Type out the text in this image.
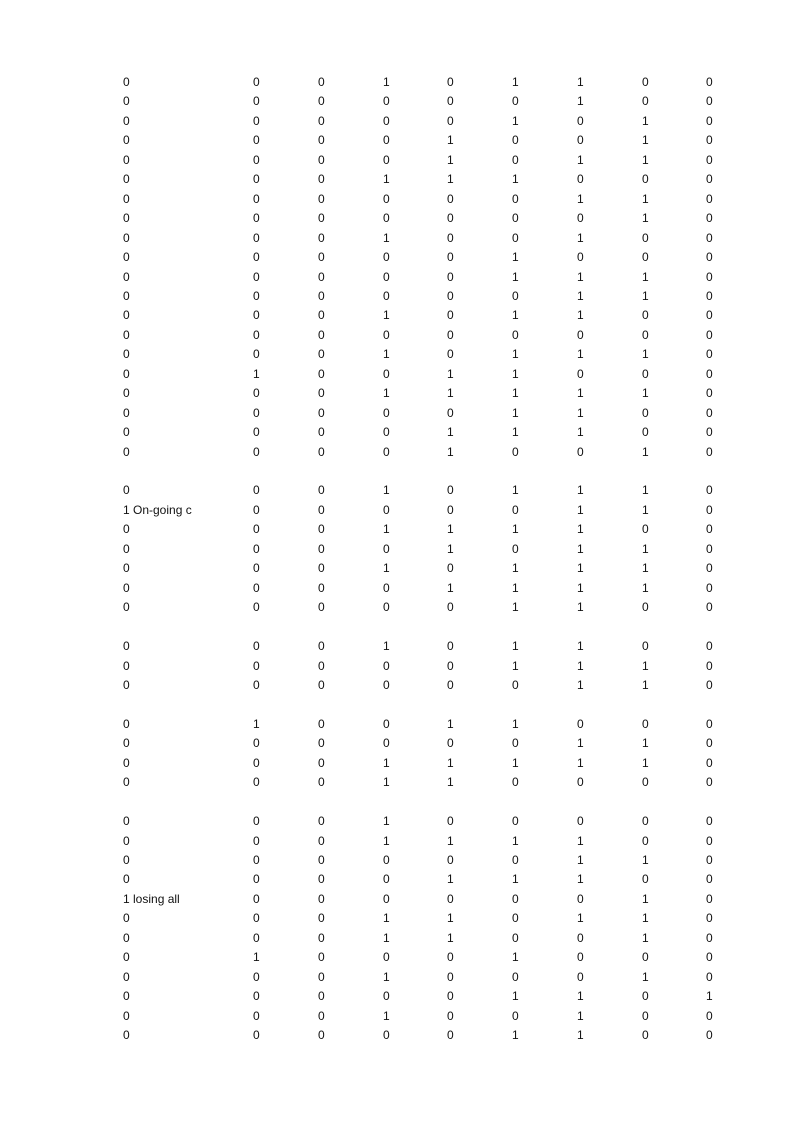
0	0	0	1	0	1	1	0	0
0	0	0	0	0	0	1	0	0
0	0	0	0	0	1	0	1	0
0	0	0	0	1	0	0	1	0
0	0	0	0	1	0	1	1	0
0	0	0	1	1	1	0	0	0
0	0	0	0	0	0	1	1	0
0	0	0	0	0	0	0	1	0
0	0	0	1	0	0	1	0	0
0	0	0	0	0	1	0	0	0
0	0	0	0	0	1	1	1	0
0	0	0	0	0	0	1	1	0
0	0	0	1	0	1	1	0	0
0	0	0	0	0	0	0	0	0
0	0	0	1	0	1	1	1	0
0	1	0	0	1	1	0	0	0
0	0	0	1	1	1	1	1	0
0	0	0	0	0	1	1	0	0
0	0	0	0	1	1	1	0	0
0	0	0	0	1	0	0	1	0
0	0	0	1	0	1	1	1	0
1 On-going c	0	0	0	0	0	1	1	0
0	0	0	1	1	1	1	0	0
0	0	0	0	1	0	1	1	0
0	0	0	1	0	1	1	1	0
0	0	0	0	1	1	1	1	0
0	0	0	0	0	1	1	0	0
0	0	0	1	0	1	1	0	0
0	0	0	0	0	1	1	1	0
0	0	0	0	0	0	1	1	0
0	1	0	0	1	1	0	0	0
0	0	0	0	0	0	1	1	0
0	0	0	1	1	1	1	1	0
0	0	0	1	1	0	0	0	0
0	0	0	1	0	0	0	0	0
0	0	0	1	1	1	1	0	0
0	0	0	0	0	0	1	1	0
0	0	0	0	1	1	1	0	0
1 losing all	0	0	0	0	0	0	1	0
0	0	0	1	1	0	1	1	0
0	0	0	1	1	0	0	1	0
0	1	0	0	0	1	0	0	0
0	0	0	1	0	0	0	1	0
0	0	0	0	0	1	1	0	1
0	0	0	1	0	0	1	0	0
0	0	0	0	0	1	1	0	0
